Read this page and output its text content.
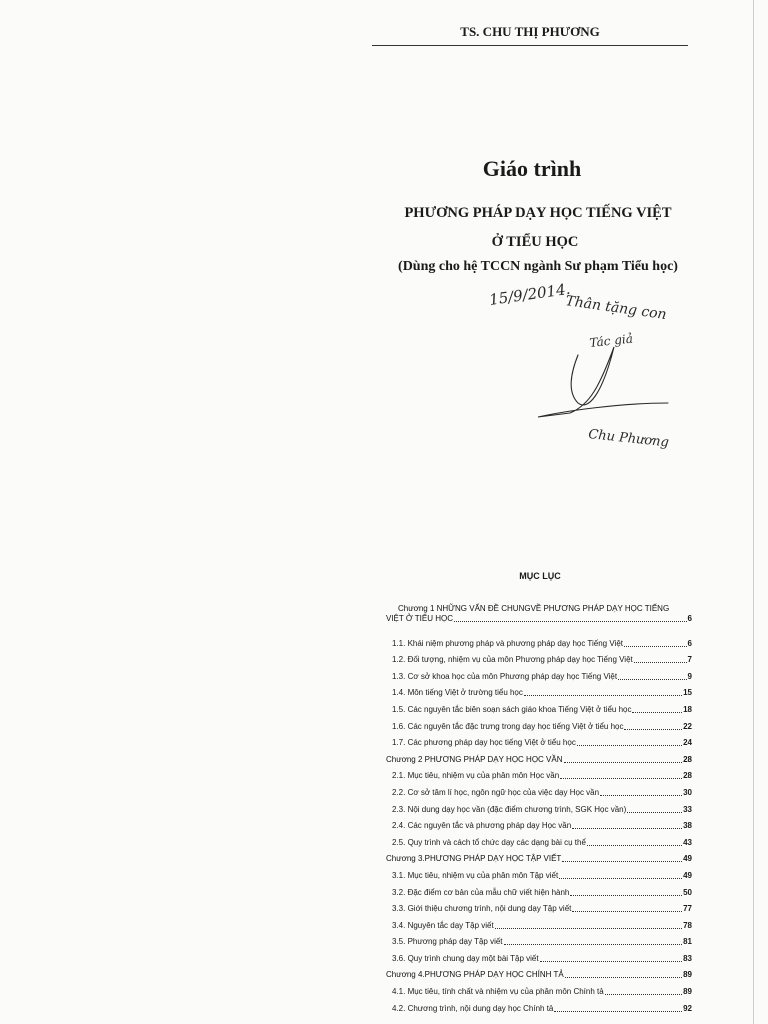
TS. CHU THỊ PHƯƠNG
Giáo trình
PHƯƠNG PHÁP DẠY HỌC TIẾNG VIỆT
Ở TIỂU HỌC
(Dùng cho hệ TCCN ngành Sư phạm Tiểu học)
15/9/2014.
Thân tặng con
Tác giả
Chu Phương
MỤC LỤC
Chương 1 NHỮNG VẤN ĐỀ CHUNGVỀ PHƯƠNG PHÁP DẠY HỌC TIẾNG
VIỆT Ở TIỂU HỌC	6
1.1. Khái niệm phương pháp và phương pháp dạy học Tiếng Việt	6
1.2. Đối tượng, nhiệm vụ của môn Phương pháp dạy học Tiếng Việt	7
1.3. Cơ sở khoa học của môn Phương pháp dạy học Tiếng Việt	9
1.4. Môn tiếng Việt ở trường tiểu học	15
1.5. Các nguyên tắc biên soạn sách giáo khoa Tiếng Việt ở tiểu học	18
1.6. Các nguyên tắc đặc trưng trong dạy học tiếng Việt ở tiểu học	22
1.7. Các phương pháp dạy học tiếng Việt ở tiểu học	24
Chương 2 PHƯƠNG PHÁP DẠY HỌC HỌC VẦN	28
2.1. Mục tiêu, nhiệm vụ của phân môn Học vần	28
2.2. Cơ sở tâm lí học, ngôn ngữ học của việc dạy Học vần	30
2.3. Nội dung dạy học vần (đặc điểm chương trình, SGK Học vần)	33
2.4. Các nguyên tắc và phương pháp dạy Học vần	38
2.5. Quy trình và cách tổ chức dạy các dạng bài cụ thể	43
Chương 3.PHƯƠNG PHÁP DẠY HỌC TẬP VIẾT	49
3.1. Mục tiêu, nhiệm vụ của phân môn Tập viết	49
3.2. Đặc điểm cơ bản của mẫu chữ viết hiện hành	50
3.3. Giới thiệu chương trình, nội dung dạy Tập viết	77
3.4. Nguyên tắc dạy Tập viết	78
3.5. Phương pháp dạy Tập viết	81
3.6. Quy trình chung dạy một bài Tập viết	83
Chương 4.PHƯƠNG PHÁP DẠY HỌC CHÍNH TẢ	89
4.1. Mục tiêu, tính chất và nhiệm vụ của phân môn Chính tả	89
4.2. Chương trình, nội dung dạy học Chính tả	92
